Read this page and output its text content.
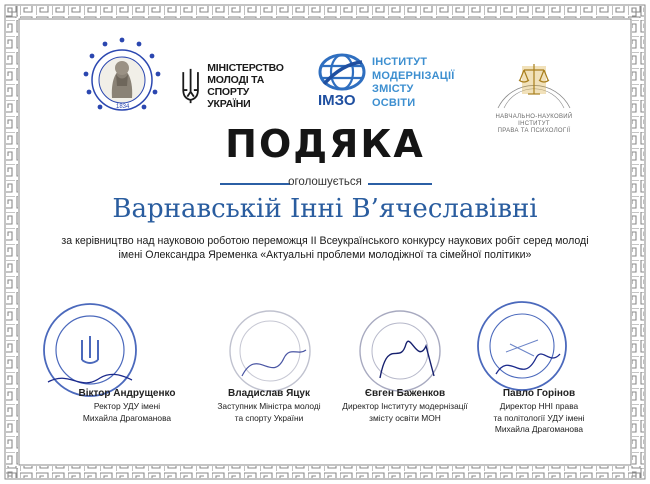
1834
МІНІСТЕРСТВО
МОЛОДІ ТА СПОРТУ
УКРАЇНИ	ІМЗО
ІНСТИТУТ
МОДЕРНІЗАЦІЇ
ЗМІСТУ
ОСВІТИ
НАВЧАЛЬНО-НАУКОВИЙ ІНСТИТУТ
ПРАВА ТА ПСИХОЛОГІЇ
ПОДЯКА
оголошується
Варнавській Інні В’ячеславівні
за керівництво над науковою роботою переможця II Всеукраїнського конкурсу наукових робіт серед молоді
імені Олександра Яременка «Актуальні проблеми молодіжної та сімейної політики»
Віктор Андрущенко
Ректор УДУ імені
Михайла Драгоманова
Владислав Яцук
Заступник Міністра молоді
та спорту України
Євген Баженков
Директор Інституту модернізації
змісту освіти МОН
Павло Горінов
Директор ННІ права
та політології УДУ імені
Михайла Драгоманова
